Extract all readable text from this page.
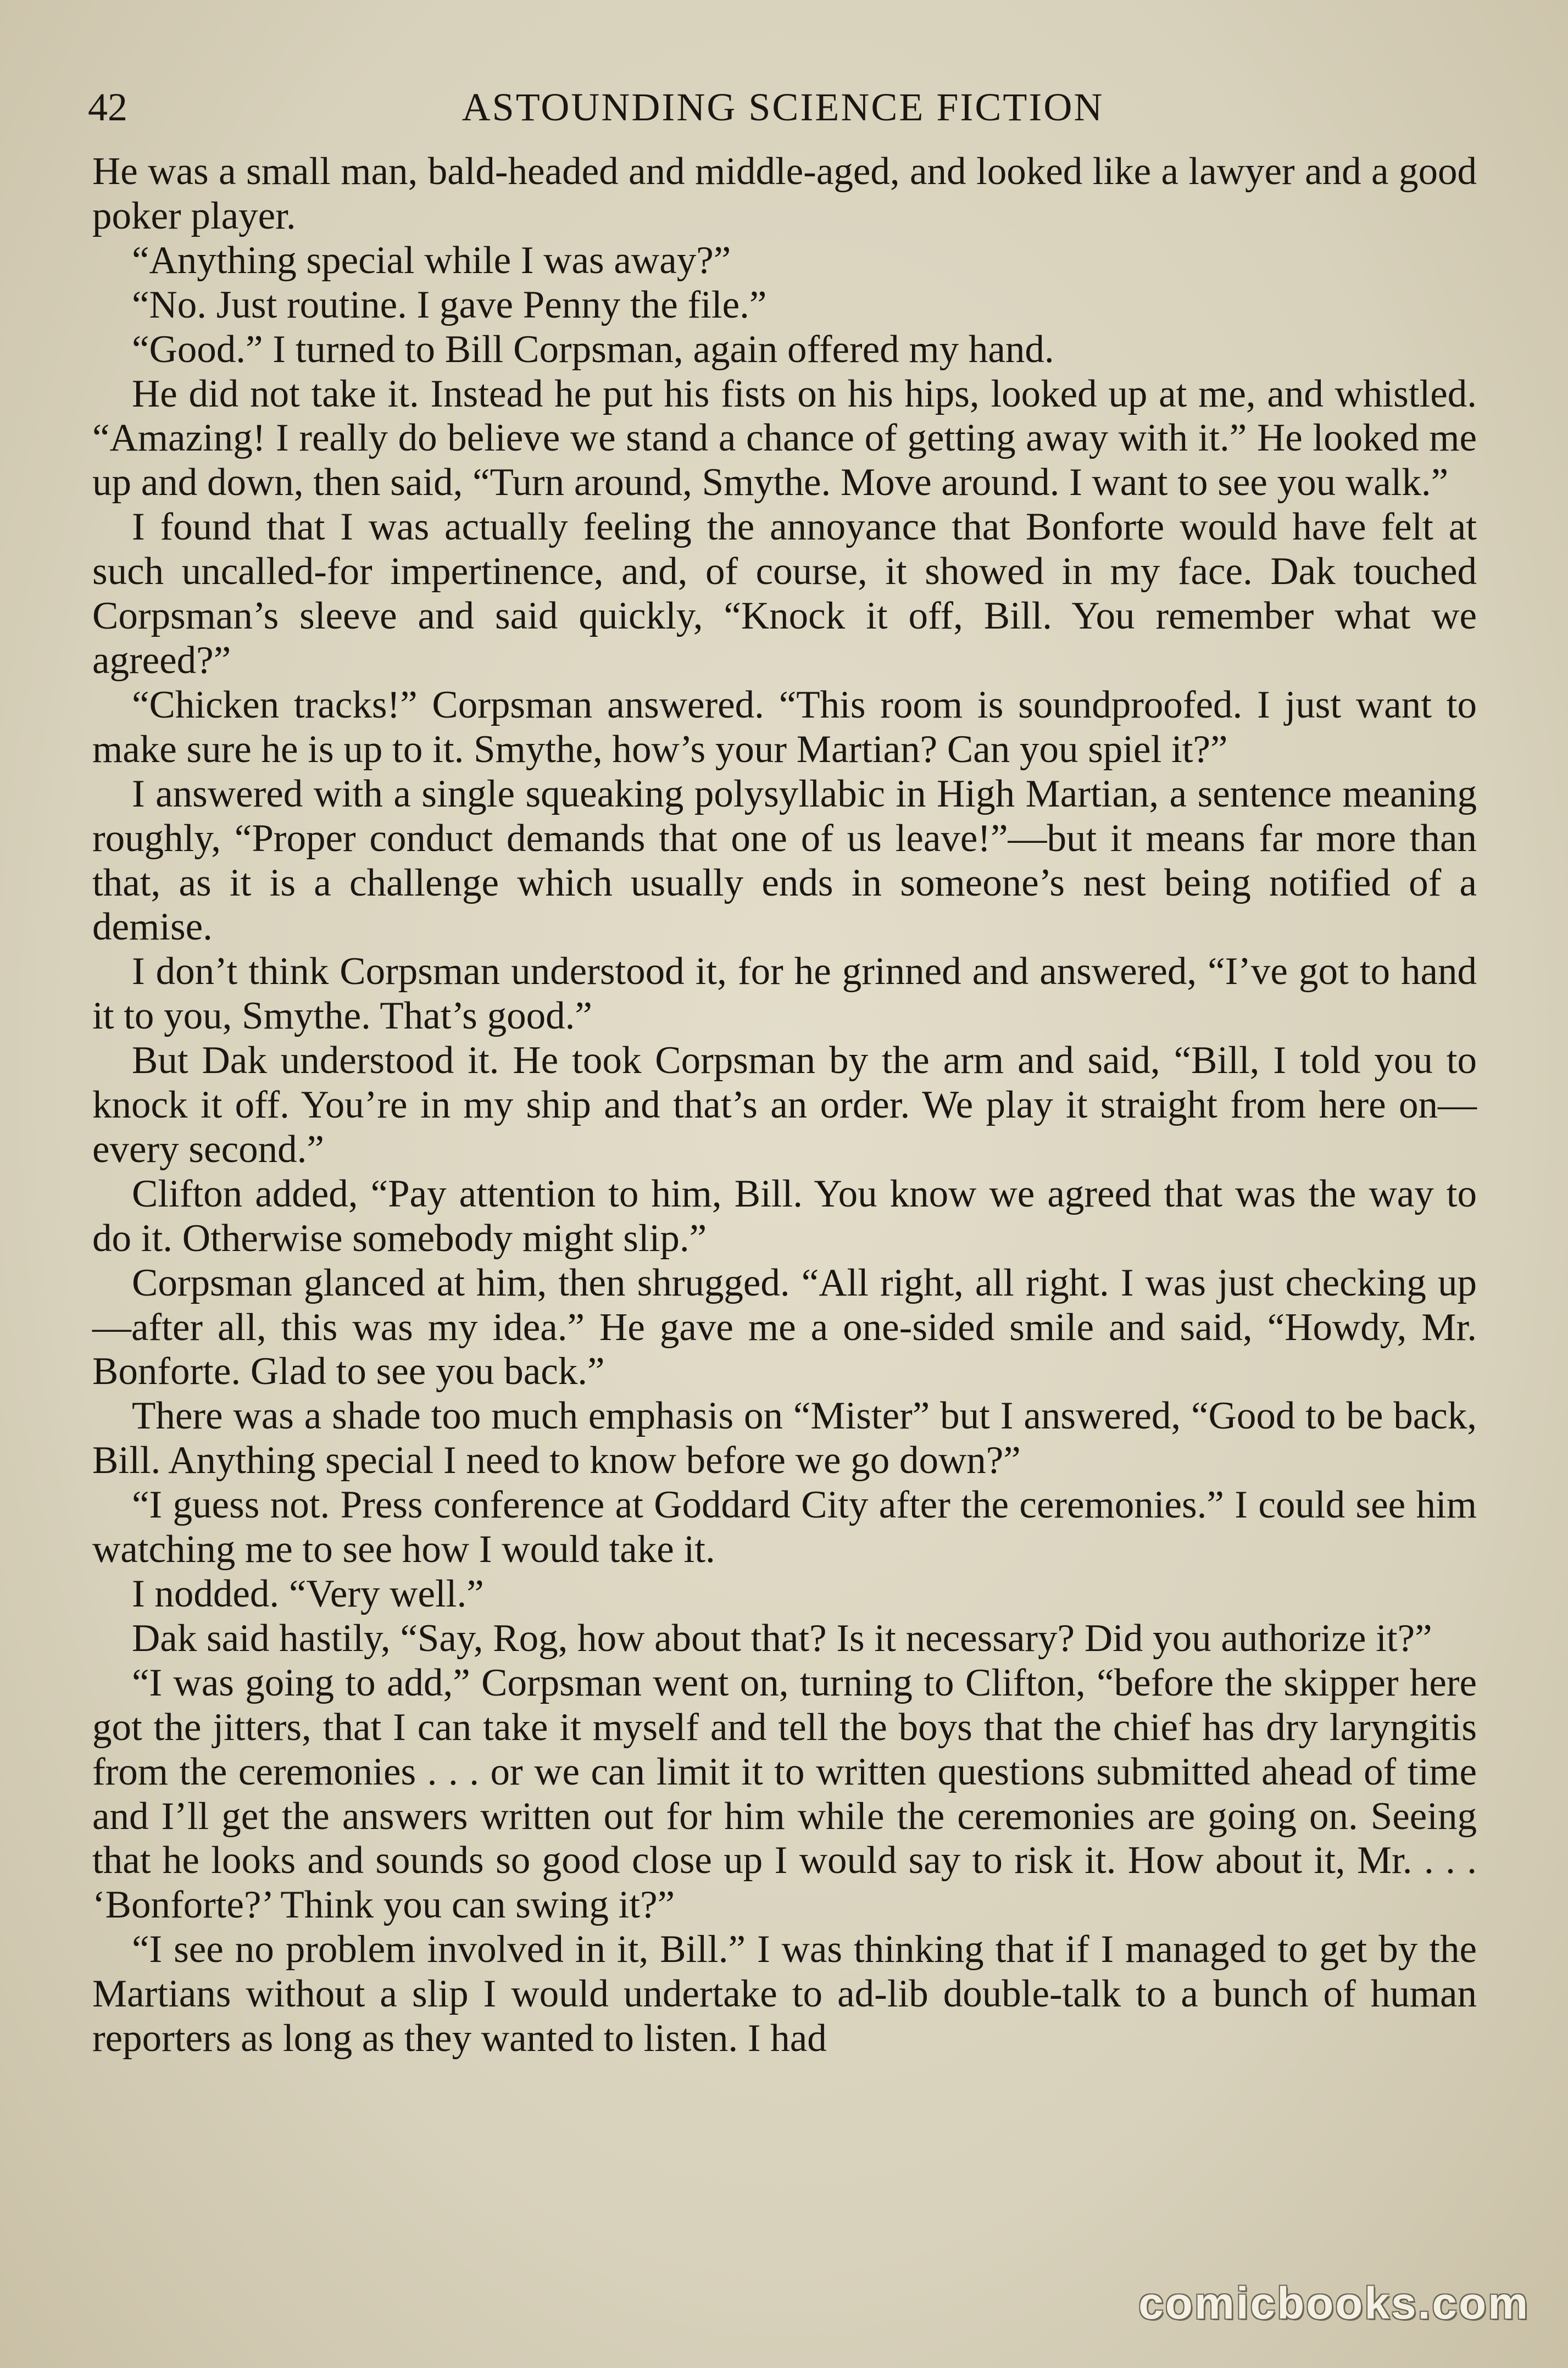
42	ASTOUNDING SCIENCE FICTION

He was a small man, bald-headed and middle-aged, and looked like a lawyer and a good poker player.

“Anything special while I was away?”

“No. Just routine. I gave Penny the file.”

“Good.” I turned to Bill Corpsman, again offered my hand.

He did not take it. Instead he put his fists on his hips, looked up at me, and whistled. “Amazing! I really do believe we stand a chance of getting away with it.” He looked me up and down, then said, “Turn around, Smythe. Move around. I want to see you walk.”

I found that I was actually feeling the annoyance that Bonforte would have felt at such uncalled-for impertinence, and, of course, it showed in my face. Dak touched Corpsman’s sleeve and said quickly, “Knock it off, Bill. You remember what we agreed?”

“Chicken tracks!” Corpsman answered. “This room is soundproofed. I just want to make sure he is up to it. Smythe, how’s your Martian? Can you spiel it?”

I answered with a single squeaking polysyllabic in High Martian, a sentence meaning roughly, “Proper conduct demands that one of us leave!”—but it means far more than that, as it is a challenge which usually ends in someone’s nest being notified of a demise.

I don’t think Corpsman understood it, for he grinned and answered, “I’ve got to hand it to you, Smythe. That’s good.”

But Dak understood it. He took Corpsman by the arm and said, “Bill, I told you to knock it off. You’re in my ship and that’s an order. We play it straight from here on—every second.”

Clifton added, “Pay attention to him, Bill. You know we agreed that was the way to do it. Otherwise somebody might slip.”

Corpsman glanced at him, then shrugged. “All right, all right. I was just checking up—after all, this was my idea.” He gave me a one-sided smile and said, “Howdy, Mr. Bonforte. Glad to see you back.”

There was a shade too much emphasis on “Mister” but I answered, “Good to be back, Bill. Anything special I need to know before we go down?”

“I guess not. Press conference at Goddard City after the ceremonies.” I could see him watching me to see how I would take it.

I nodded. “Very well.”

Dak said hastily, “Say, Rog, how about that? Is it necessary? Did you authorize it?”

“I was going to add,” Corpsman went on, turning to Clifton, “before the skipper here got the jitters, that I can take it myself and tell the boys that the chief has dry laryngitis from the ceremonies . . . or we can limit it to written questions submitted ahead of time and I’ll get the answers written out for him while the ceremonies are going on. Seeing that he looks and sounds so good close up I would say to risk it. How about it, Mr. . . . ‘Bonforte?’ Think you can swing it?”

“I see no problem involved in it, Bill.” I was thinking that if I managed to get by the Martians without a slip I would undertake to ad-lib double-talk to a bunch of human reporters as long as they wanted to listen. I had

comicbooks.com
